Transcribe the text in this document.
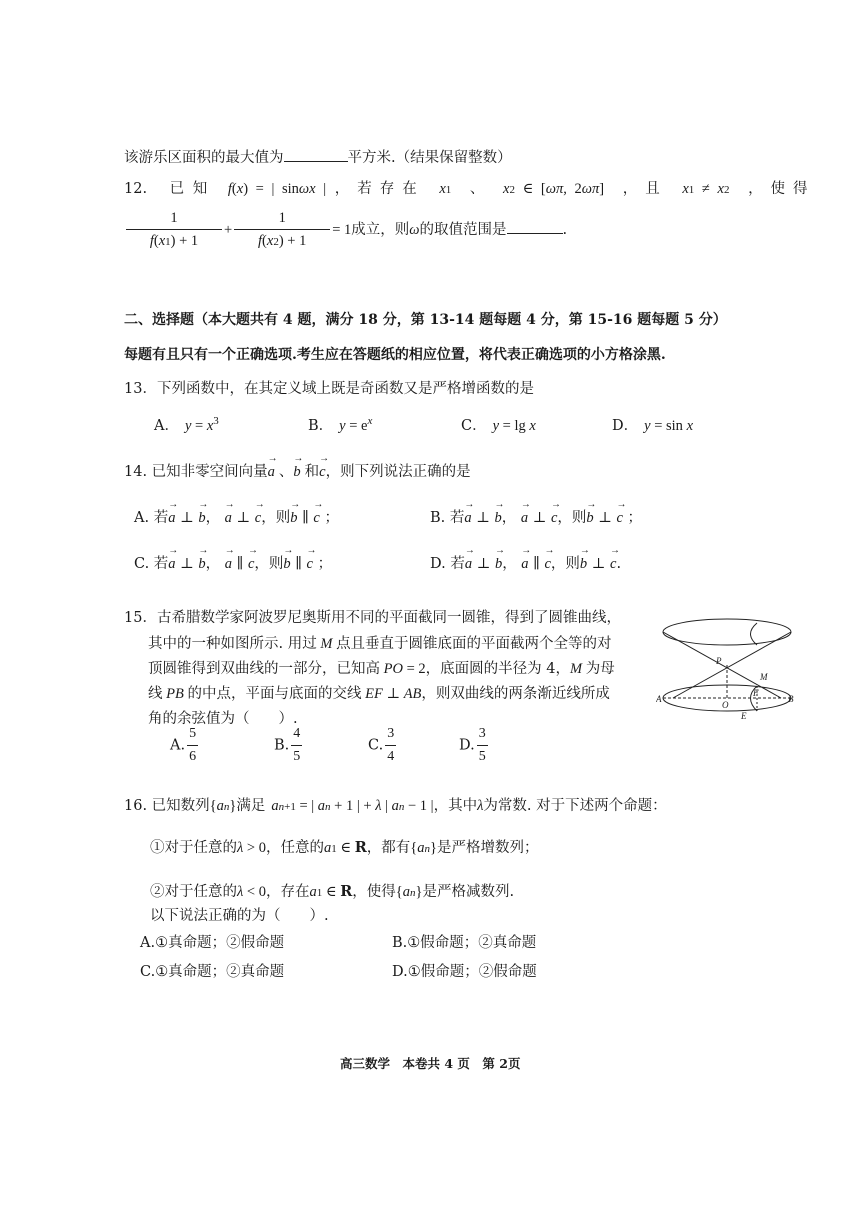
该游乐区面积的最大值为	平方米.（结果保留整数）
12. 已 知 f(x) = | sinωx | ，若存在 x1 、 x2 ∈ [ωπ, 2ωπ] ，且 x1 ≠ x2 ，使得
$\frac{1}{f(x1) + 1} + \frac{1}{f(x2) + 1} = 1$成立，则ω的取值范围是	.
二、选择题（本大题共有 4 题，满分 18 分，第 13-14 题每题 4 分，第 15-16 题每题 5 分）
每题有且只有一个正确选项.考生应在答题纸的相应位置，将代表正确选项的小方格涂黑.
13．下列函数中，在其定义域上既是奇函数又是严格增函数的是
A． $y = x^3$	B． $y = e^x$	C． y = lg x	D． y = sin x
14. 已知非零空间向量→ a 、→ b 和→ c，则下列说法正确的是
A. 若→ a ⊥ → b， → a ⊥ → c，则→ b ∥ → c ；	B. 若→ a ⊥ → b， → a ⊥ → c，则→ b ⊥ → c ；
C. 若→ a ⊥ → b， → a ∥ → c，则→ b ∥ → c ；	D. 若→ a ⊥ → b， → a ∥ → c，则→ b ⊥ → c.
15．古希腊数学家阿波罗尼奥斯用不同的平面截同一圆锥，得到了圆锥曲线，
其中的一种如图所示. 用过 M 点且垂直于圆锥底面的平面截两个全等的对
顶圆锥得到双曲线的一部分，已知高 PO = 2，底面圆的半径为 4，M 为母
线 PB 的中点，平面与底面的交线 EF ⊥ AB，则双曲线的两条渐近线所成
角的余弦值为（　　）.
A. $\frac{5}{6}$	B. $\frac{4}{5}$	C. $\frac{3}{4}$	D. $\frac{3}{5}$
P
M
A	B
O
E
F
16. 已知数列{an}满足 an+1 = | an + 1 | + λ | an − 1 |，其中λ为常数. 对于下述两个命题：
①对于任意的λ > 0，任意的a1 ∈ R，都有{an}是严格增数列；
②对于任意的λ < 0，存在a1 ∈ R，使得{an}是严格减数列.
以下说法正确的为（　　）.
A.①真命题；②假命题	B.①假命题；②真命题
C.①真命题；②真命题	D.①假命题；②假命题
高三数学　本卷共 4 页　第 2页
